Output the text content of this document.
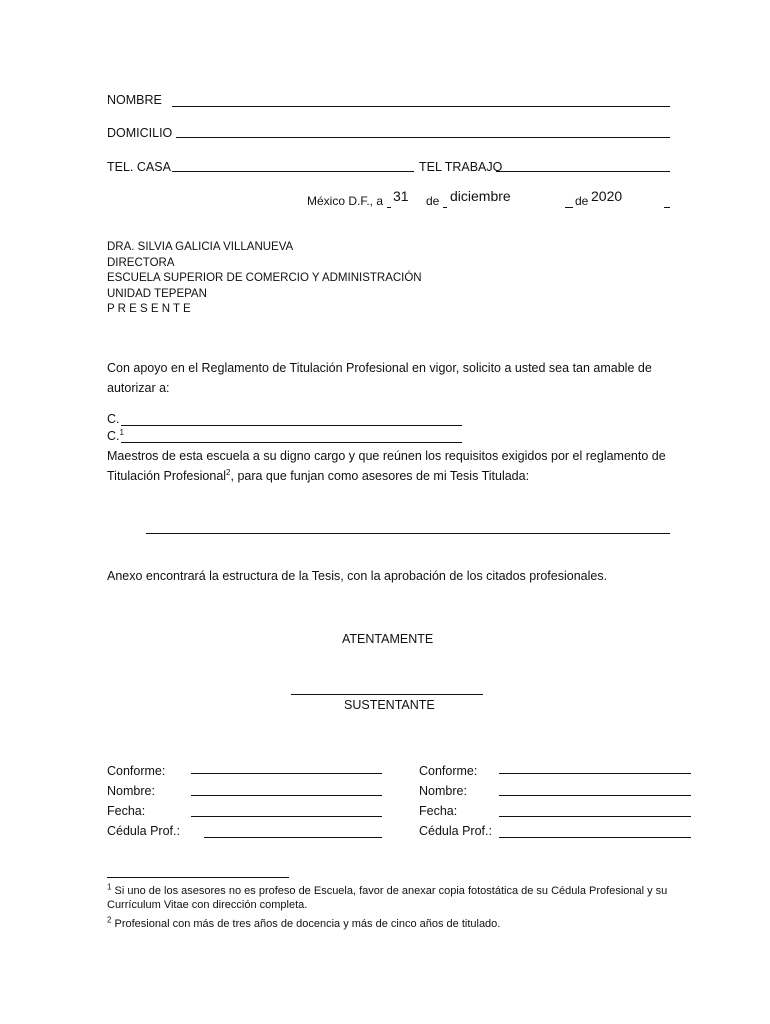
NOMBRE
DOMICILIO
TEL. CASA	TEL TRABAJO
México D.F., a 31 de diciembre	de 2020
DRA. SILVIA GALICIA VILLANUEVA
DIRECTORA
ESCUELA SUPERIOR DE COMERCIO Y ADMINISTRACIÓN
UNIDAD TEPEPAN
P R E S E N T E
Con apoyo en el Reglamento de Titulación Profesional en vigor, solicito a usted sea tan amable de autorizar a:
C.
C.$^1$
Maestros de esta escuela a su digno cargo y que reúnen los requisitos exigidos por el reglamento de Titulación Profesional$^2$, para que funjan como asesores de mi Tesis Titulada:
Anexo encontrará la estructura de la Tesis, con la aprobación de los citados profesionales.
ATENTAMENTE
SUSTENTANTE
Conforme:
Nombre:
Fecha:
Cédula Prof.:
Conforme:
Nombre:
Fecha:
Cédula Prof.:
$^1$ Si uno de los asesores no es profeso de Escuela, favor de anexar copia fotostática de su Cédula Profesional y su Currículum Vitae con dirección completa.
$^2$ Profesional con más de tres años de docencia y más de cinco años de titulado.
